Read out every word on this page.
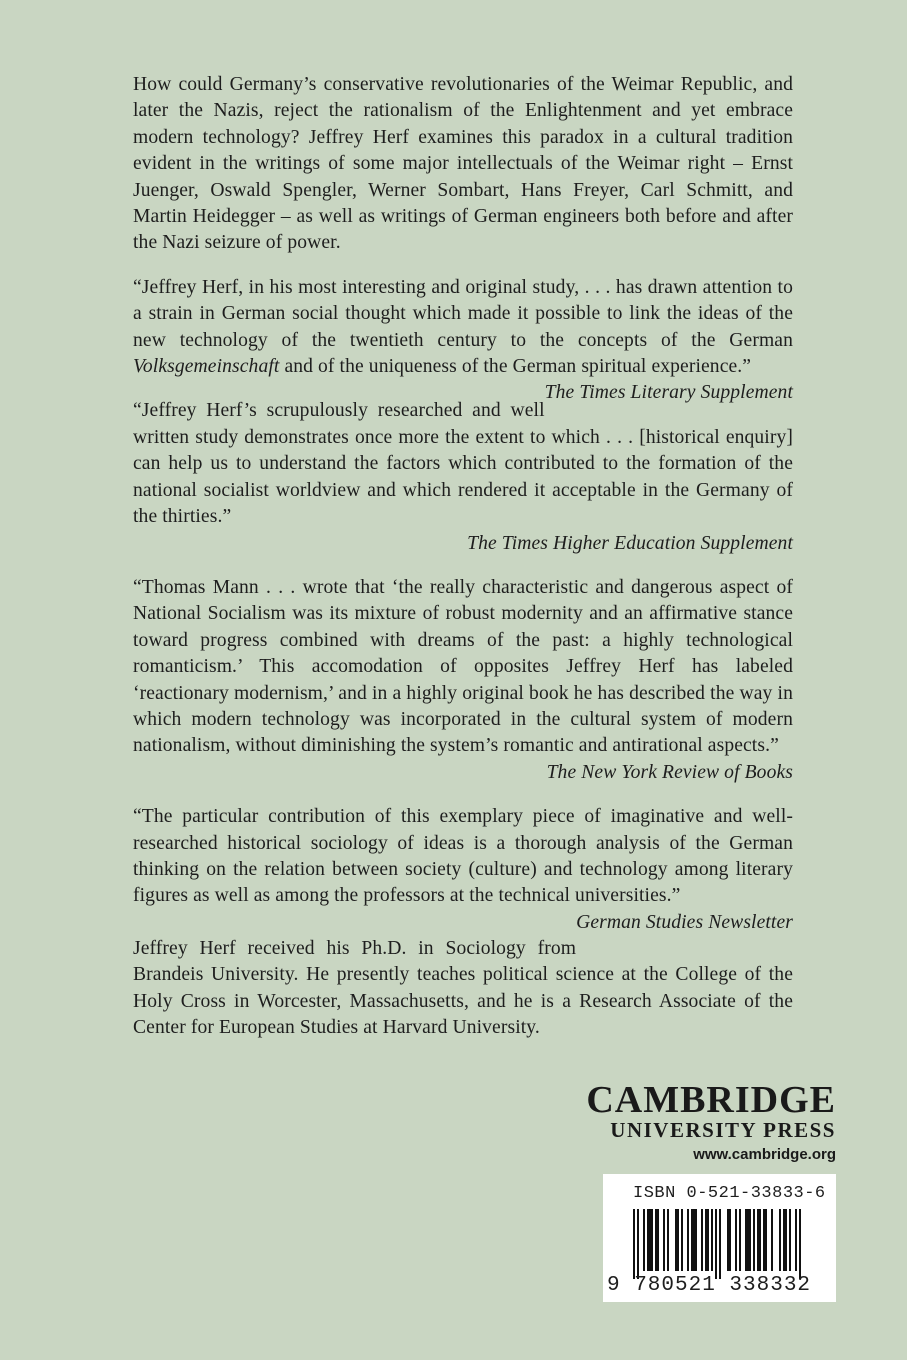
How could Germany’s conservative revolutionaries of the Weimar Republic, and later the Nazis, reject the rationalism of the Enlightenment and yet embrace modern technology? Jeffrey Herf examines this paradox in a cultural tradition evident in the writings of some major intellectuals of the Weimar right – Ernst Juenger, Oswald Spengler, Werner Sombart, Hans Freyer, Carl Schmitt, and Martin Heidegger – as well as writings of German engineers both before and after the Nazi seizure of power.

“Jeffrey Herf, in his most interesting and original study, . . . has drawn attention to a strain in German social thought which made it possible to link the ideas of the new technology of the twentieth century to the concepts of the German Volksgemeinschaft and of the uniqueness of the German spiritual experience.”
The Times Literary Supplement

“Jeffrey Herf’s scrupulously researched and well written study demonstrates once more the extent to which . . . [historical enquiry] can help us to understand the factors which contributed to the formation of the national socialist worldview and which rendered it acceptable in the Germany of the thirties.”
The Times Higher Education Supplement

“Thomas Mann . . . wrote that ‘the really characteristic and dangerous aspect of National Socialism was its mixture of robust modernity and an affirmative stance toward progress combined with dreams of the past: a highly technological romanticism.’ This accomodation of opposites Jeffrey Herf has labeled ‘reactionary modernism,’ and in a highly original book he has described the way in which modern technology was incorporated in the cultural system of modern nationalism, without diminishing the system’s romantic and antirational aspects.”
The New York Review of Books

“The particular contribution of this exemplary piece of imaginative and well-researched historical sociology of ideas is a thorough analysis of the German thinking on the relation between society (culture) and technology among literary figures as well as among the professors at the technical universities.”
German Studies Newsletter

Jeffrey Herf received his Ph.D. in Sociology from Brandeis University. He presently teaches political science at the College of the Holy Cross in Worcester, Massachusetts, and he is a Research Associate of the Center for European Studies at Harvard University.

CAMBRIDGE
UNIVERSITY PRESS
www.cambridge.org
ISBN 0-521-33833-6
9 780521 338332
